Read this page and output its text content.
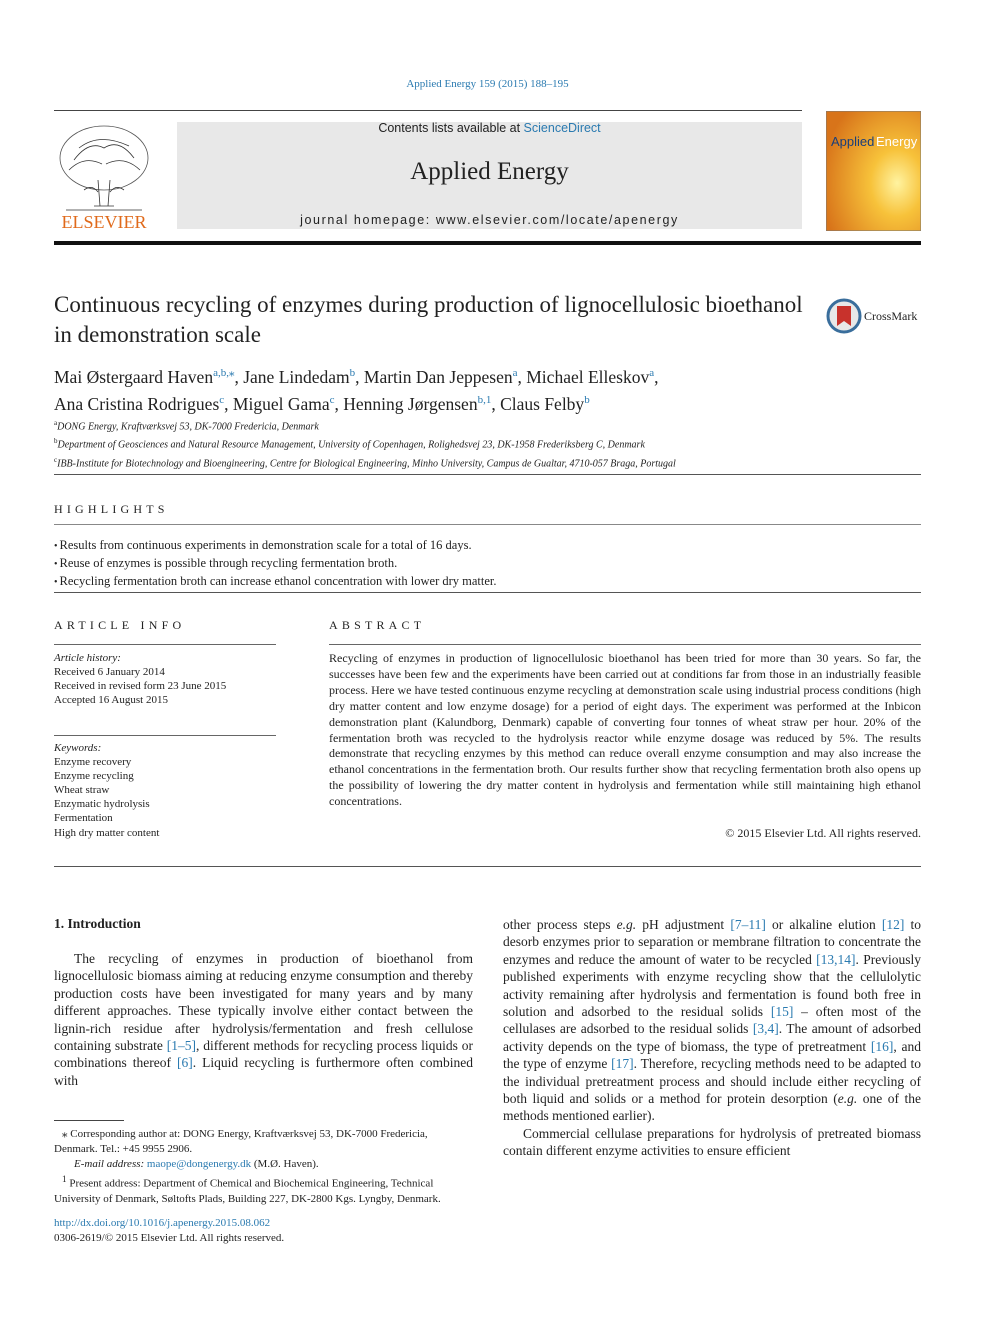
Applied Energy 159 (2015) 188–195
Contents lists available at ScienceDirect
Applied Energy
journal homepage: www.elsevier.com/locate/apenergy
ELSEVIER
Applied Energy
Continuous recycling of enzymes during production of lignocellulosic bioethanol in demonstration scale
CrossMark
Mai Østergaard Haven$^{a,b,⁎}$, Jane Lindedam$^b$, Martin Dan Jeppesen$^a$, Michael Elleskov$^a$,
Ana Cristina Rodrigues$^c$, Miguel Gama$^c$, Henning Jørgensen$^{b,1}$, Claus Felby$^b$
$^a$DONG Energy, Kraftværksvej 53, DK-7000 Fredericia, Denmark
$^b$Department of Geosciences and Natural Resource Management, University of Copenhagen, Rolighedsvej 23, DK-1958 Frederiksberg C, Denmark
$^c$IBB-Institute for Biotechnology and Bioengineering, Centre for Biological Engineering, Minho University, Campus de Gualtar, 4710-057 Braga, Portugal
HIGHLIGHTS
• Results from continuous experiments in demonstration scale for a total of 16 days.
• Reuse of enzymes is possible through recycling fermentation broth.
• Recycling fermentation broth can increase ethanol concentration with lower dry matter.
ARTICLE INFO
Article history:
Received 6 January 2014
Received in revised form 23 June 2015
Accepted 16 August 2015
Keywords:
Enzyme recovery
Enzyme recycling
Wheat straw
Enzymatic hydrolysis
Fermentation
High dry matter content
ABSTRACT
Recycling of enzymes in production of lignocellulosic bioethanol has been tried for more than 30 years. So far, the successes have been few and the experiments have been carried out at conditions far from those in an industrially feasible process. Here we have tested continuous enzyme recycling at demonstration scale using industrial process conditions (high dry matter content and low enzyme dosage) for a period of eight days. The experiment was performed at the Inbicon demonstration plant (Kalundborg, Denmark) capable of converting four tonnes of wheat straw per hour. 20% of the fermentation broth was recycled to the hydrolysis reactor while enzyme dosage was reduced by 5%. The results demonstrate that recycling enzymes by this method can reduce overall enzyme consumption and may also increase the ethanol concentrations in the fermentation broth. Our results further show that recycling fermentation broth also opens up the possibility of lowering the dry matter content in hydrolysis and fermentation while still maintaining high ethanol concentrations.
© 2015 Elsevier Ltd. All rights reserved.
1. Introduction

The recycling of enzymes in production of bioethanol from lignocellulosic biomass aiming at reducing enzyme consumption and thereby production costs have been investigated for many years and by many different approaches. These typically involve either contact between the lignin-rich residue after hydrolysis/fermentation and fresh cellulose containing substrate [1–5], different methods for recycling process liquids or combinations thereof [6]. Liquid recycling is furthermore often combined with

other process steps e.g. pH adjustment [7–11] or alkaline elution [12] to desorb enzymes prior to separation or membrane filtration to concentrate the enzymes and reduce the amount of water to be recycled [13,14]. Previously published experiments with enzyme recycling show that the cellulolytic activity remaining after hydrolysis and fermentation is found both free in solution and adsorbed to the residual solids [15] – often most of the cellulases are adsorbed to the residual solids [3,4]. The amount of adsorbed activity depends on the type of biomass, the type of pretreatment [16], and the type of enzyme [17]. Therefore, recycling methods need to be adapted to the individual pretreatment process and should include either recycling of both liquid and solids or a method for protein desorption (e.g. one of the methods mentioned earlier).

Commercial cellulase preparations for hydrolysis of pretreated biomass contain different enzyme activities to ensure efficient

⁎ Corresponding author at: DONG Energy, Kraftværksvej 53, DK-7000 Fredericia, Denmark. Tel.: +45 9955 2906.

E-mail address: maope@dongenergy.dk (M.Ø. Haven).

$^1$ Present address: Department of Chemical and Biochemical Engineering, Technical University of Denmark, Søltofts Plads, Building 227, DK-2800 Kgs. Lyngby, Denmark.

http://dx.doi.org/10.1016/j.apenergy.2015.08.062
0306-2619/© 2015 Elsevier Ltd. All rights reserved.
